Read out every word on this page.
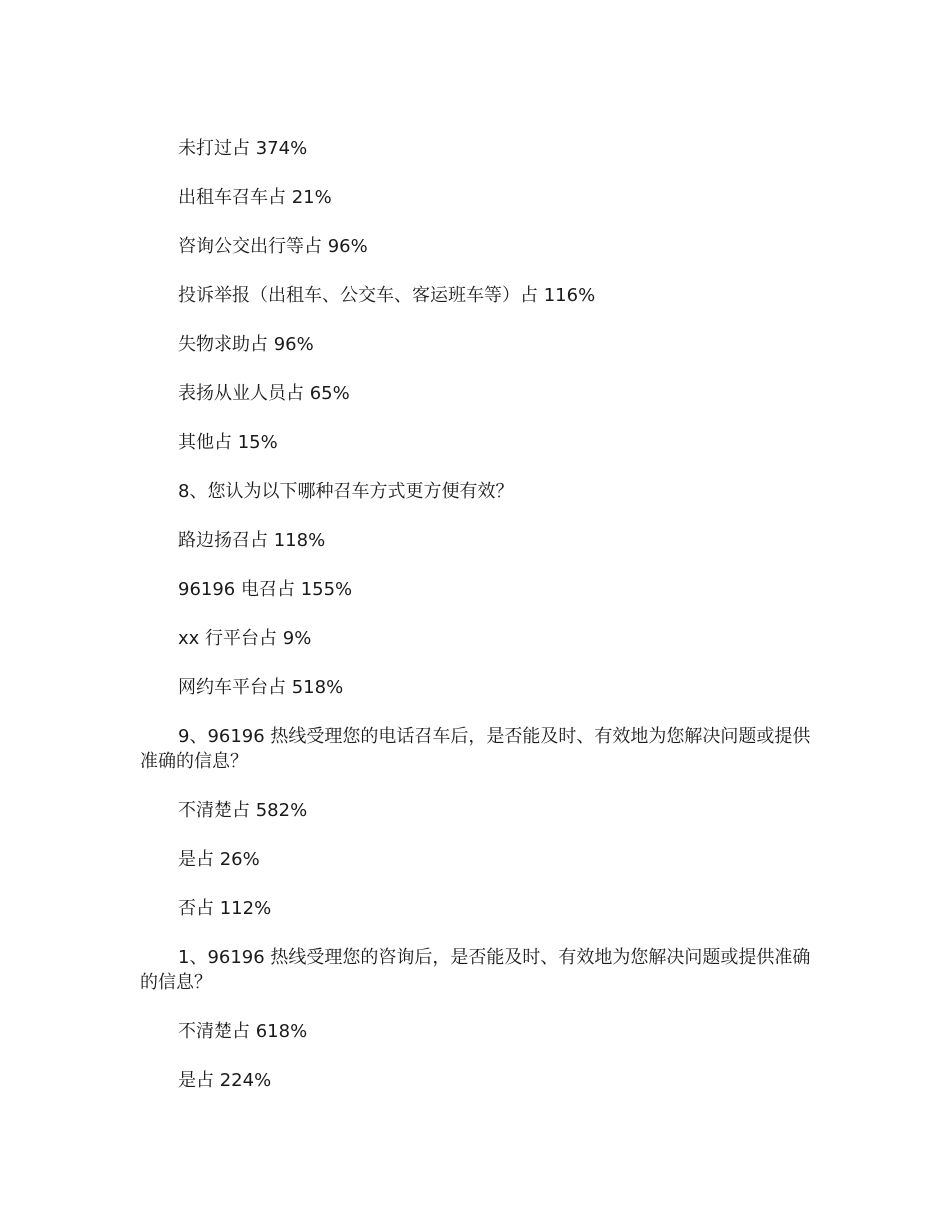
未打过占 374%

出租车召车占 21%

咨询公交出行等占 96%

投诉举报（出租车、公交车、客运班车等）占 116%

失物求助占 96%

表扬从业人员占 65%

其他占 15%

8、您认为以下哪种召车方式更方便有效？

路边扬召占 118%

96196 电召占 155%

xx 行平台占 9%

网约车平台占 518%

9、96196 热线受理您的电话召车后，是否能及时、有效地为您解决问题或提供准确的信息？

不清楚占 582%

是占 26%

否占 112%

1、96196 热线受理您的咨询后，是否能及时、有效地为您解决问题或提供准确的信息？

不清楚占 618%

是占 224%
